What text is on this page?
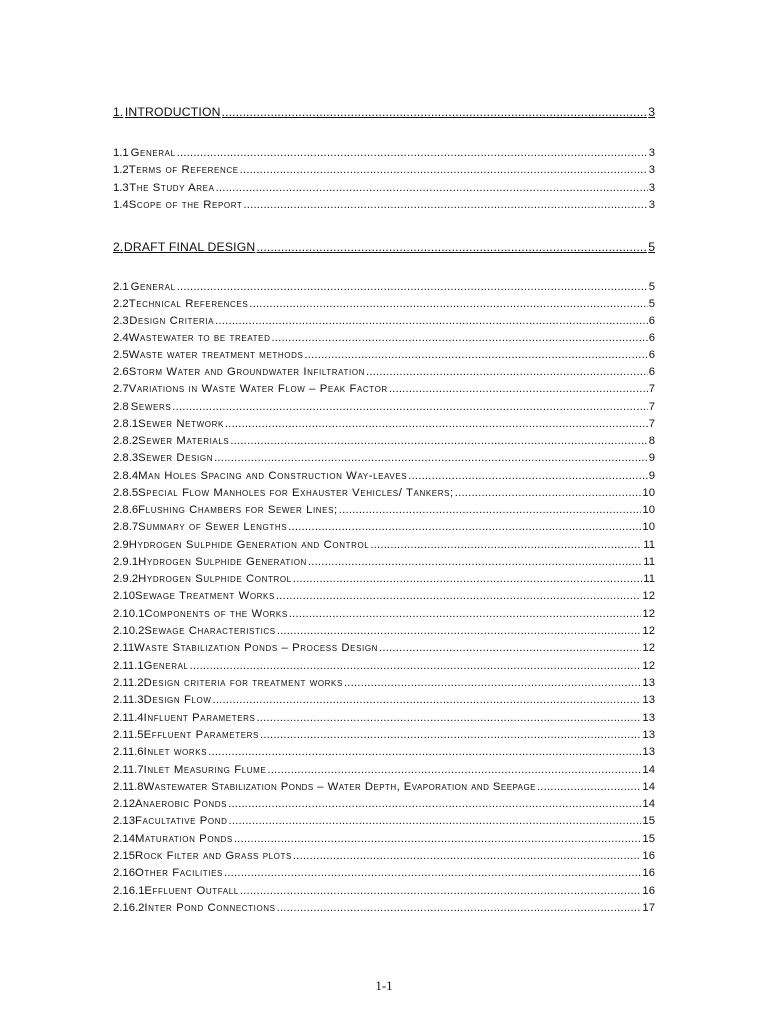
1. INTRODUCTION .....	3
1.1 General .....	3
1.2 Terms of Reference .....	3
1.3 The Study Area .....	3
1.4 Scope of the Report .....	3
2. DRAFT FINAL DESIGN .....	5
2.1 General .....	5
2.2 Technical References .....	5
2.3 Design Criteria .....	6
2.4 Wastewater to be treated .....	6
2.5 Waste water treatment methods .....	6
2.6 Storm Water and Groundwater Infiltration .....	6
2.7 Variations in Waste Water Flow – Peak Factor .....	7
2.8 Sewers .....	7
2.8.1 Sewer Network .....	7
2.8.2 Sewer Materials .....	8
2.8.3 Sewer Design .....	9
2.8.4 Man Holes Spacing and Construction Way-leaves .....	9
2.8.5 Special Flow Manholes for Exhauster Vehicles/ Tankers; .....	10
2.8.6 Flushing Chambers for Sewer Lines; .....	10
2.8.7 Summary of Sewer Lengths .....	10
2.9 Hydrogen Sulphide Generation and Control .....	11
2.9.1 Hydrogen Sulphide Generation .....	11
2.9.2 Hydrogen Sulphide Control .....	11
2.10 Sewage Treatment Works .....	12
2.10.1 Components of the Works .....	12
2.10.2 Sewage Characteristics .....	12
2.11 Waste Stabilization Ponds – Process Design .....	12
2.11.1 General .....	12
2.11.2 Design criteria for treatment works .....	13
2.11.3 Design Flow .....	13
2.11.4 Influent Parameters .....	13
2.11.5 Effluent Parameters .....	13
2.11.6 Inlet works .....	13
2.11.7 Inlet Measuring Flume .....	14
2.11.8 Wastewater Stabilization Ponds – Water Depth, Evaporation and Seepage .....	14
2.12 Anaerobic Ponds .....	14
2.13 Facultative Pond .....	15
2.14 Maturation Ponds .....	15
2.15 Rock Filter and Grass plots .....	16
2.16 Other Facilities .....	16
2.16.1 Effluent Outfall .....	16
2.16.2 Inter Pond Connections .....	17
1-1
